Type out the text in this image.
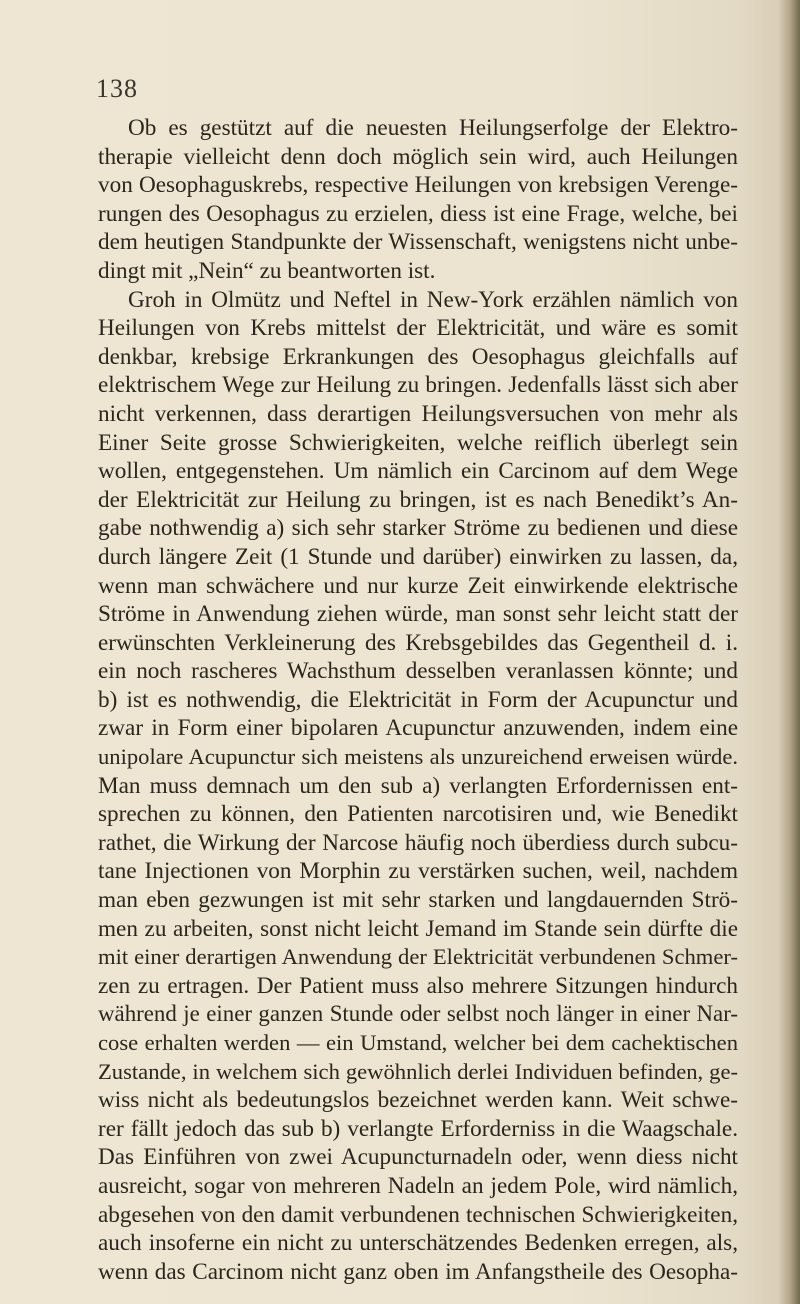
138
Ob es gestützt auf die neuesten Heilungserfolge der Elektro-
therapie vielleicht denn doch möglich sein wird, auch Heilungen
von Oesophaguskrebs, respective Heilungen von krebsigen Verenge-
rungen des Oesophagus zu erzielen, diess ist eine Frage, welche, bei
dem heutigen Standpunkte der Wissenschaft, wenigstens nicht unbe-
dingt mit „Nein“ zu beantworten ist.
Groh in Olmütz und Neftel in New-York erzählen nämlich von
Heilungen von Krebs mittelst der Elektricität, und wäre es somit
denkbar, krebsige Erkrankungen des Oesophagus gleichfalls auf
elektrischem Wege zur Heilung zu bringen. Jedenfalls lässt sich aber
nicht verkennen, dass derartigen Heilungsversuchen von mehr als
Einer Seite grosse Schwierigkeiten, welche reiflich überlegt sein
wollen, entgegenstehen. Um nämlich ein Carcinom auf dem Wege
der Elektricität zur Heilung zu bringen, ist es nach Benedikt’s An-
gabe nothwendig a) sich sehr starker Ströme zu bedienen und diese
durch längere Zeit (1 Stunde und darüber) einwirken zu lassen, da,
wenn man schwächere und nur kurze Zeit einwirkende elektrische
Ströme in Anwendung ziehen würde, man sonst sehr leicht statt der
erwünschten Verkleinerung des Krebsgebildes das Gegentheil d. i.
ein noch rascheres Wachsthum desselben veranlassen könnte; und
b) ist es nothwendig, die Elektricität in Form der Acupunctur und
zwar in Form einer bipolaren Acupunctur anzuwenden, indem eine
unipolare Acupunctur sich meistens als unzureichend erweisen würde.
Man muss demnach um den sub a) verlangten Erfordernissen ent-
sprechen zu können, den Patienten narcotisiren und, wie Benedikt
rathet, die Wirkung der Narcose häufig noch überdiess durch subcu-
tane Injectionen von Morphin zu verstärken suchen, weil, nachdem
man eben gezwungen ist mit sehr starken und langdauernden Strö-
men zu arbeiten, sonst nicht leicht Jemand im Stande sein dürfte die
mit einer derartigen Anwendung der Elektricität verbundenen Schmer-
zen zu ertragen. Der Patient muss also mehrere Sitzungen hindurch
während je einer ganzen Stunde oder selbst noch länger in einer Nar-
cose erhalten werden — ein Umstand, welcher bei dem cachektischen
Zustande, in welchem sich gewöhnlich derlei Individuen befinden, ge-
wiss nicht als bedeutungslos bezeichnet werden kann. Weit schwe-
rer fällt jedoch das sub b) verlangte Erforderniss in die Waagschale.
Das Einführen von zwei Acupuncturnadeln oder, wenn diess nicht
ausreicht, sogar von mehreren Nadeln an jedem Pole, wird nämlich,
abgesehen von den damit verbundenen technischen Schwierigkeiten,
auch insoferne ein nicht zu unterschätzendes Bedenken erregen, als,
wenn das Carcinom nicht ganz oben im Anfangstheile des Oesopha-
